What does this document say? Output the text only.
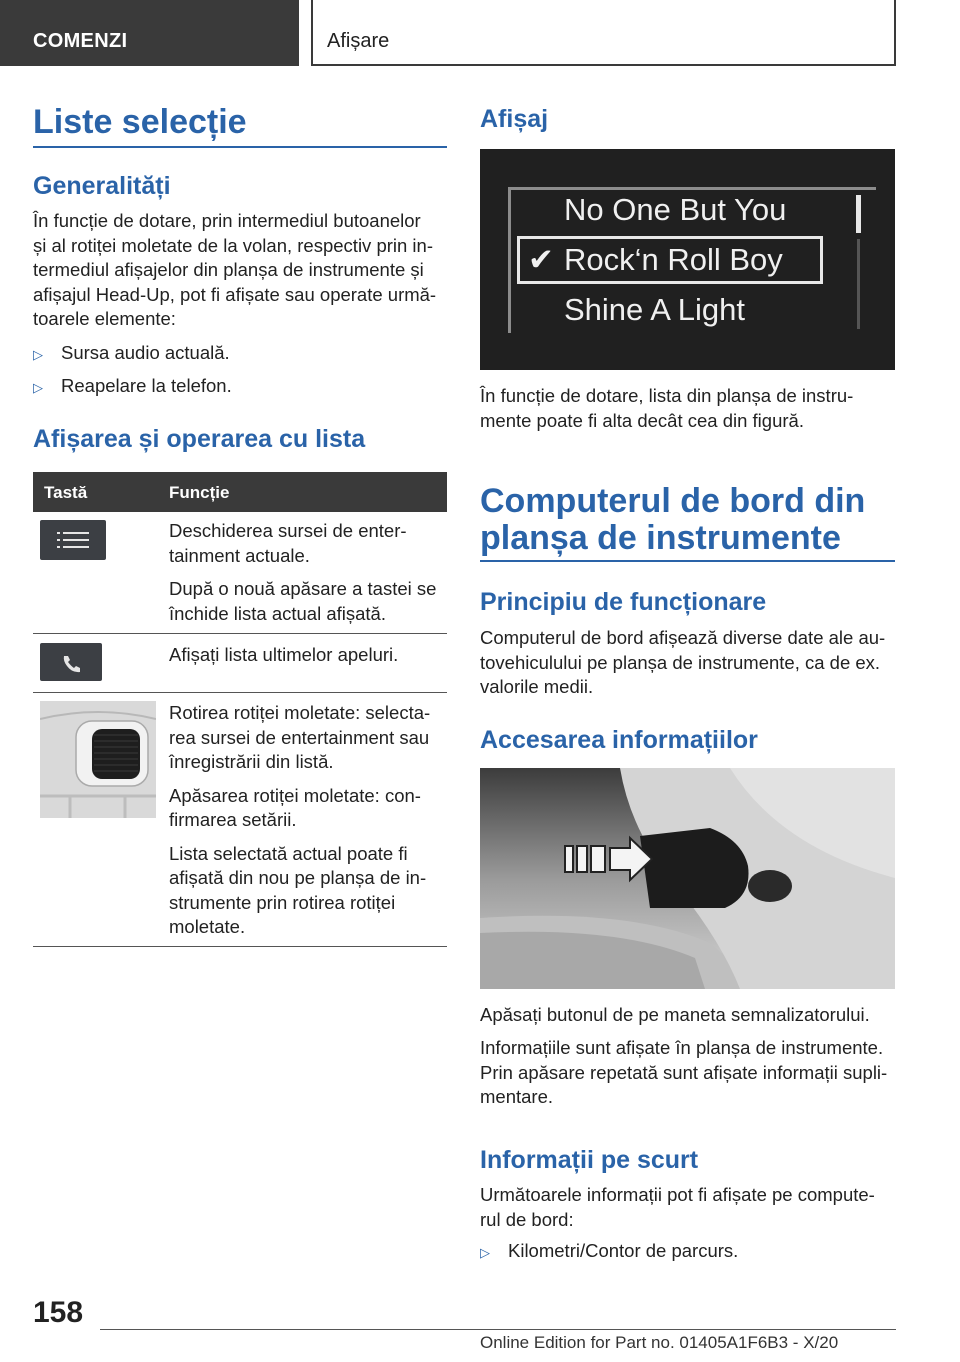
COMENZI	Afișare
Liste selecție
Generalități
În funcție de dotare, prin intermediul butoanelor
și al rotiței moletate de la volan, respectiv prin in-
termediul afișajelor din planșa de instrumente și
afișajul Head-Up, pot fi afișate sau operate urmă-
toarele elemente:
▷ Sursa audio actuală.
▷ Reapelare la telefon.
Afișarea și operarea cu lista
Tastă	Funcție
Deschiderea sursei de enter-
tainment actuale.
După o nouă apăsare a tastei se
închide lista actual afișată.
Afișați lista ultimelor apeluri.
Rotirea rotiței moletate: selecta-
rea sursei de entertainment sau
înregistrării din listă.
Apăsarea rotiței moletate: con-
firmarea setării.
Lista selectată actual poate fi
afișată din nou pe planșa de in-
strumente prin rotirea rotiței
moletate.
Afișaj
No One But You
✔ Rock‘n Roll Boy
Shine A Light
În funcție de dotare, lista din planșa de instru-
mente poate fi alta decât cea din figură.
Computerul de bord din
planșa de instrumente
Principiu de funcționare
Computerul de bord afișează diverse date ale au-
tovehiculului pe planșa de instrumente, ca de ex.
valorile medii.
Accesarea informațiilor
Apăsați butonul de pe maneta semnalizatorului.
Informațiile sunt afișate în planșa de instrumente.
Prin apăsare repetată sunt afișate informații supli-
mentare.
Informații pe scurt
Următoarele informații pot fi afișate pe compute-
rul de bord:
▷ Kilometri/Contor de parcurs.
158
Online Edition for Part no. 01405A1F6B3 - X/20
